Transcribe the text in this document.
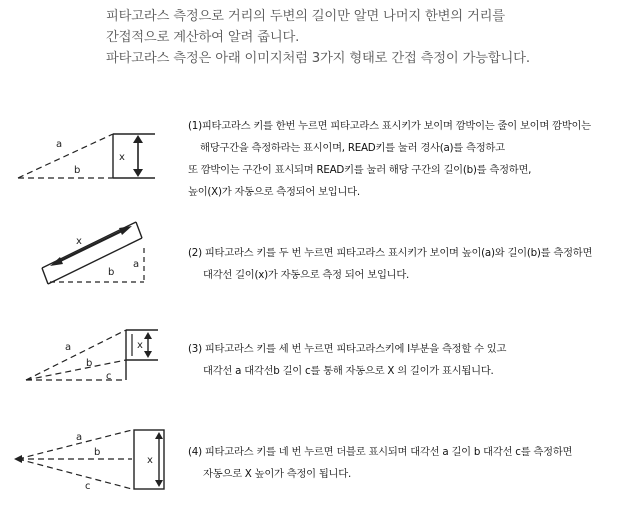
피타고라스 측정으로 거리의 두변의 길이만 알면 나머지 한변의 거리를
간접적으로 계산하여 알려 줍니다.
파타고라스 측정은 아래 이미지처럼 3가지 형태로 간접 측정이 가능합니다.
a
b
x
(1)피타고라스 키를 한번 누르면 피타고라스 표시키가 보이며 깜박이는 줄이 보이며 깜박이는
해당구간을 측정하라는 표시이며, READ키를 눌러 경사(a)를 측정하고
또 깜박이는 구간이 표시되며 READ키를 눌러 해당 구간의 길이(b)를 측정하면,
높이(X)가 자동으로 측정되어 보입니다.
x
b
a
(2) 피타고라스 키를 두 번 누르면 피타고라스 표시키가 보이며 높이(a)와 길이(b)를 측정하면
대각선 길이(x)가 자동으로 측정 되어 보입니다.
a
b
c
x	(3) 피타고라스 키를 세 번 누르면 피타고라스키에 l부분을 측정할 수 있고
대각선 a 대각선b 길이 c를 통해 자동으로 X 의 길이가 표시됩니다.
a
b
c
x
(4) 피타고라스 키를 네 번 누르면 더블로 표시되며 대각선 a 길이 b 대각선 c를 측정하면
자동으로 X 높이가 측정이 됩니다.
